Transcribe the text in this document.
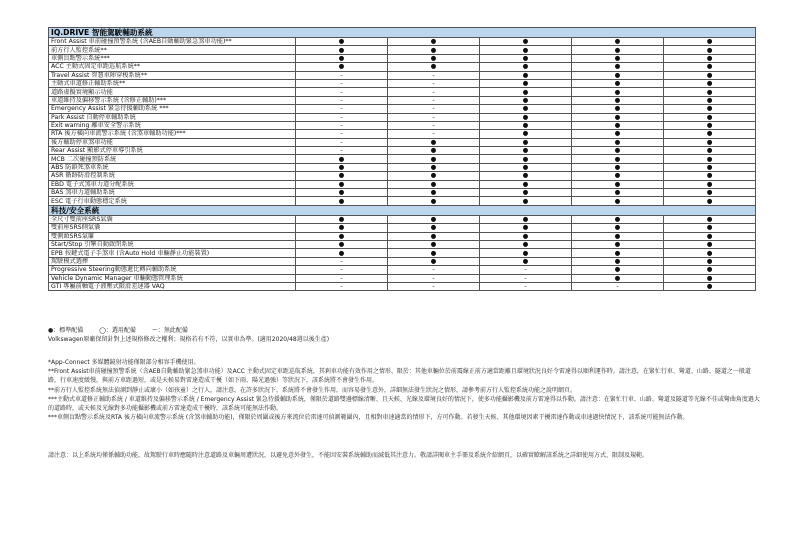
IQ.DRIVE 智能駕駛輔助系統					
Front Assist 車前碰撞預警系統 (含AEB自動輔助緊急煞車功能)**	●	●	●	●	●
前方行人監控系統**	●	●	●	●	●
車側盲點警示系統***	●	●	●	●	●
ACC 主動式固定車距巡航系統**	●	●	●	●	●
Travel Assist 智慧車陣穿梭系統**	-	-	●	●	●
主動式車道修正輔助系統**	-	-	●	●	●
道路虛擬實境顯示功能	-	-	●	●	●
車道維持及偏移警示系統 (含修正輔助)***	-	-	●	●	●
Emergency Assist 緊急待援輔助系統 ***	-	-	●	●	●
Park Assist 自動停車輔助系統	-	-	●	●	●
Exit warning 離車安全警示系統	-	-	●	●	●
RTA 後方橫向車流警示系統 (含煞車輔助功能)***	-	-	●	●	●
後方輔助停車煞車功能	-	●	●	●	●
Rear Assist 顯影式停車導引系統	-	●	●	●	●
MCB 二次碰撞預防系統	●	●	●	●	●
ABS 防鎖死煞車系統	●	●	●	●	●
ASR 循跡防滑控制系統	●	●	●	●	●
EBD 電子式煞車力道分配系統	●	●	●	●	●
BAS 煞車力道輔助系統	●	●	●	●	●
ESC 電子行車動態穩定系統	●	●	●	●	●
科技/安全系統					
全尺寸雙前座SRS氣囊	●	●	●	●	●
雙前座SRS側氣囊	●	●	●	●	●
雙側頭SRS氣簾	●	●	●	●	●
Start/Stop 引擎自動啟閉系統	●	●	●	●	●
EPB 按鍵式電子手煞車 (含Auto Hold 車輛靜止功能裝置)	●	●	●	●	●
駕駛模式選擇	-	●	●	●	●
Progressive Steering動態遞比轉向輔助系統	-	-	-	●	●
Vehicle Dynamic Manager 車輛動態管理系統	-	-	-	●	●
GTI 專屬前軸電子液壓式限滑差速器 VAQ	-	-	-	-	●

●：標準配備	◯：選用配備	ー：無此配備

Volkswagen原廠保留針對上述規格修改之權利；規格若有不符，以實車為準。(適用2020/48週以後生產)

*App-Connect 多媒體鏡射功能僅限部分相容手機使用。

**Front Assist車前碰撞預警系統（含AEB自動輔助緊急煞車功能）及ACC 主動式固定車距巡航系統，其剎車功能有效作用之情形、限於：其他車輛位於前震線正前方適當距離且環境狀況良好令雷達得以順利運作時。請注意，在緊忙行車、彎道、山路、隧道之一般道路，行車速度緩慢，與前方車距過短，或是天候易對雷達造成干擾（如下雨、陽光過強）等狀況下，該系統將不會發生作用。

**前方行人監控系統無法偵測到靜止或壞小（如孩童）之行人，請注意，在許多狀況下，系統將不會發生作用，而容易發生意外，詳細無法發生狀況之情形，請參考前方行人監控系統功能之說明網頁。

***主動式車道修正輔助系統 / 車道維持及偏移警示系統 / Emergency Assist 緊急待援輔助系統，僅限於道路雙邊標線清晰、且天候、光線及環境良好的情況下，使多功能攝影機及前方雷達得以作動。請注意：在緊忙行車、山路、彎道及隧道等光線不佳或彎曲角度過大的道路時，或天候及光線對多功能攝影機或前方雷達造成干擾時，該系統可能無法作動。

***車側盲點警示系統及RTA 後方橫向車流警示系統 (含煞車輔助功能)，僅限於周圍或後方來流位於雷達可偵測範圍內，且相對車速適當的情形下，方可作動。若發生天候、其他環境因素干擾雷達作動或車速過快情況下，該系統可能無法作動。

請注意：以上系統均僅係輔助功能，故駕駛行車時應隨時注意道路及車輛周遭狀況，以避免意外發生，不能因安裝系統輔助而減低其注意力。敬請詳閱車主手冊及系統介紹網頁，以確實瞭解該系統之詳細使用方式、限制及規範。
